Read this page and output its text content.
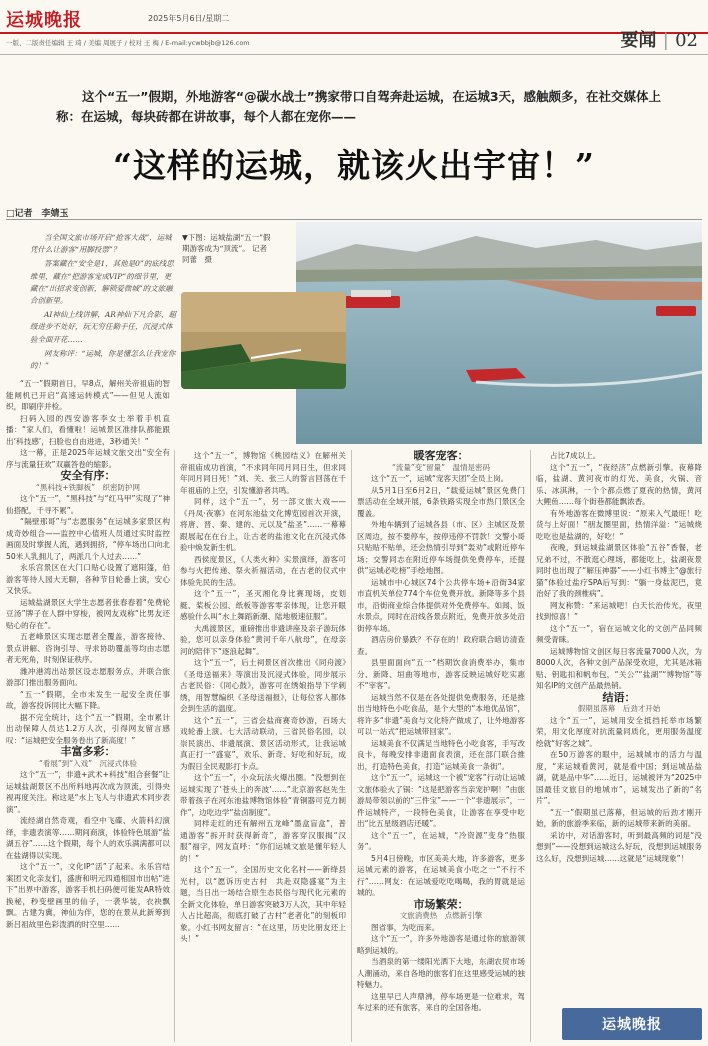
运城晚报	2025年5月6日/星期二
一版、二版责任编辑 王 琦 / 美编 周展子 / 校对 王 梅 / E-mail:ycwbbjb@126.com	要闻 | 02
这个“五一”假期，外地游客“@碳水战士”携家带口自驾奔赴运城，在运城3天，感触颇多，在社交媒体上称：在运城，每块砖都在讲故事，每个人都在宠你——
“这样的运城，就该火出宇宙！”
□记者　李婧玉

当全国文旅市场开启“抢客大战”，运城凭什么让游客“用脚投票”？

答案藏在“安全是1，其他是0”的底线思维里，藏在“把游客宠成VIP”的细节里，更藏在“出招求变创新，解锁爱微城”的文旅融合创新里。

AI神仙上线讲解，AR神仙下凡合影，超级进步不处好，玩无穷任勤手任，沉浸式体验全面开花……

网友称评：“运城，你是懂怎么让我宠你的！”

▼下图：运城盐湖“五一”假期游客成为“顶流”。 记者　同蕾　摄

“五一”假期首日，早8点，解州关帝祖庙的智能闸机已开启“高速运转模式”——但见人流如织，即刷序并检。

扫码入园的西安游客李女士举着手机直播：“家人们，看懂啦！运城景区准排队都能跟出‘科技感’，扫脸也自由进进，3秒通关！”

这一幕，正是2025年运城文旅交出“安全有序与流量狂欢”双赢答卷的缩影。

安全有序：

“黑科技+铁脚板”　织密防护网

这个“五一”，“黑科技”与“红马甲”实现了“神仙搭配，千寻不累”。

“隔壁那哥”与“志愿服务”在运城多家景区构成奇妙组合——监控中心值班人员通过实时监控画面及时掌握人流，遇到拥挤，“停车场出口向北50米人乳拥儿了，两派几个人过去……”

永乐宫景区在大门口贴心设置了遮阳篷，伯游客等待人园大无聊，各种节目轮番上演，安心又快乐。

运城盐湖景区大学生志愿者张春春着“免费轮豆汤”牌子在人群中穿梭，被网友戏称“比男友还贴心的存在”。

五老峰景区实现志愿者全覆盖，游客接待、景点讲解、咨询引导、寻求协助覆盖等均由志愿者无死角，时刻保证秩序。

潍冲港湾出站景区设志愿服务点，并联合旅游部门推出服务面向。

“五一”假期，全市未发生一起安全责任事故，游客投诉同比大幅下降。

据不完全统计，这个“五一”假期，全市累计出动保障人员达1.2万人次，引得网友留言感叹：“运城把安全服务卷出了新高度！”

丰富多彩：

“看展”到“入戏”　沉浸式体验

这个“五一”，非遗+武术+科技“组合套餐”让运城盐湖景区不出所料地再次成为顶流，引得央视再度关注。称这是“水上飞人与非遗武术同步表演”。

流经湖自然奇观，看空中飞碟、火箭科幻演绎，非遗表演等……期间商演，体验特色展游“盐湖五谷”……这个假期，每个人的欢乐满满都可以在盐湖得以实现。

这个“五一”，文化IP“活”了起来。永乐宫结案团文化亲友们，盛唐和明元四通相国市出帖“进下”出界中游客，游客手机扫码便可能发AR特效换秘，秒变壁画里的仙子，一袭华装，衣袂飘飘。古建为冀，神仙为伴，您的在景从此新筹到新吕祖故里色彩泼洒的时空里……

这个“五一”，博物馆《桃园结义》在解州关帝祖庙成功首演，“不求同年同月同日生，但求同年同月同日死！”刘、关、张三人的誓言回荡在千年祖庙的上空，引发懂游者共鸣。

同样，这个“五一”，另一部文旅大戏——《丹凤·夜寨》在河东池盐文化博览园首次开演，将唐、晋、秦、建的、元以及“盐圣”……一幕幕跟展起在在台上，让古老的盐池文化在沉浸式体验中焕发新生机。

西侯度景区，《人类火种》实景演绎，游客可参与火把传递、祭火祈福活动，在古老的仪式中体验先民的生活。

这个“五一”，圣灭湘化身比赛现场，皮划艇、桨板公园、纸板等游客零亲体现，让您开眼感验什么叫“水上舞蹈新潮、陆地极速征服”。

大禹渡景区，重磅推出非遗讲座及亲子游玩体验，您可以亲身体验“黄河千年八航母”，在母亲河的陪伴下“逐浪起舞”。

这个“五一”，后土祠景区首次推出《同舟渡》《圣母送福来》等演出及沉浸式体验，同步展示古老民俗：《同心鼓》，游客可在绣娘指导下学刺绣，用智慧编织《圣母送福报》，让每位客人都体会到生活的温度。

这个“五一”，三省会盐商赛奇妙游，百场大戏轮番上演。七大活动联动，三省民俗名园，以崇民演出、非遗展演、景区活动形式，让我运城真正打一“盛宴”，欢乐、新奇、好吃和好玩，成为假日全民观影打卡点。

这个“五一”，小众玩法火爆出圈。“没想到在运城实现了‘苍头上的奔波’……”北京游客赵先生带着孩子在河东池盐博物馆体验“青铜器可克力制作”，边吃边学“盐卤制度”。

同样走红的还有解州五龙峰“墨盒盲盒”，普通游客“拆开时获得新奇”，游客穿汉服揭“汉服”福字，网友直呼：“你们运城文旅是懂年轻人的！”

这个“五一”，全国历史文化名村——新绛县光村，以“愿诉历史古村　共赴双隐盛宴”为主题，当日出一场结合原生态民俗与现代化元素的全新文化体验，单日游客突破3万人次，其中年轻人占比超高，彻底打破了古村“老者化”的刻板印象。小红书网友留言：“在这里，历史比朋友还上头！”

暖客宠客：

“流量”变“留量”　温情是密码

这个“五一”，运城“宠客天团”全员上岗。

从5月1日至6月2日，“载爱运城”景区免费门票活动在全域开展，6条铁路实现全市热门景区全覆盖。

外地车辆到了运城各县（市、区）主城区及景区周边，按不要停车，按停违停不罚款！交警小哥只贴贴不贴单，还会热情引导到“轰劝”或附近停车场；交警同志在附近停车场提供免费停车，还提供“运城必吃榜”手绘地图。

运城市中心城区74个公共停车场+沿街34家市直机关单位774个车位免费开放。新降等多个县市，沿街商业综合体提供对外免费停车。如闻、饭水景点，同时在沿线各景点附近，免费开放多处沿街停车场。

酒店房价暴跌？不存在的！政府联合暗访清查查。

县里面面向“五一”档期饮食消费举办，集市分、新降、垣曲等地市，游客反映运城好吃实惠不“宰客”。

运城当然不仅是在各处提供免费服务，还是推出当地特色小吃食品，是个大型的“本地优品馆”，将许多“非遗”美食与文化特产做成了，让外地游客可以一站式“把运城带回家”。

运城美食不仅满足当地特色小吃食客，手写改良卡，每晚安排非遗面食表演，还在部门联合推出，打造特色美食，打造“运城美食一条街”。

这个“五一”，运城这一个被“宠客”行动让运城文旅体验火了锅：“这是把游客当亲宠护啊！”由旅游局带领以前的“三件宝”——一个“非遗展示”，一件运城特产，一段特色美食，让游客在享受中吃出“比五星级酒店还暖”。

这个“五一”，在运城，“冷资源”变身“热服务”。

5月4日傍晚，市区美美大地，许多游客，更多运城元素的游客，在运城美食小吃之一“不行不行”……网友：在运城爱吃吃喝喝，我的胃就是运城的。

市场繁荣：

文旅消费热　点燃新引擎

图省事，为吃而来。

这个“五一”，许多外地游客是通过你的旅游领略到运城的。

当酒泉的第一缕阳光洒下大地，东湖农贸市场人潮涌动，来自各地的旅客们在这里感受运城的独特魅力。

这里早已人声鼎沸，停车场更是一位难求，驾车过来的还有旅客，来自的全国各地。

占比7成以上。

这个“五一”，“夜经济”点燃新引擎。夜幕降临，盐湖、黄河夜市的灯光、美食，火锅、音乐、冰淇淋，一个个都点燃了夏夜的热情，黄河大鲤鱼……每个街巷都能飘浓香。

有外地游客在微博里说：“原来入气最旺！吃货与上好面！”朋友圈里面，热情洋溢：“运城烧吃吃也是盐湖的，好吃！”

夜晚，到运城盐湖景区体验“五谷”香餐，老兄弟不过，不散逛心理场，都能吃上，盐湖夜景同时也出现了“解压神器”——小红书博主“@旅行猫”体验过盐疗SPA后写到：“躺一身盐泥巴，竟治好了我的颈椎病”。

网友称赞：“来运城吧！白天长治传光，夜里找到惊喜！”

这个“五一”，宿在运城文化的文创产品同频频受青睐。

运城博物馆文创区每日客流量7000人次，为8000人次，各种文创产品深受欢迎，尤其是冰箱贴、钥匙扣和帆布包，“关公”“盐湖”“博物馆”等知名IP的文创产品最热销。

结语：

假期虽落幕　后劲才开始

这个“五一”，运城用安全抵挡托举市场繁荣，用文化厚度对抗流量同质化，更用服务温度绘就“好客之城”。

在50万游客的眼中，运城城市的活力与温度，“来运城看黄河，就是看中国；到运城品盐湖，就是品中华”……近日，运城被评为“2025中国最佳文旅目的地城市”，运城发出了新的“名片”。

“五一”假期虽已落幕，但运城的后劲才刚开始，新的旅游季来临，新的运城带来新的美丽。

采访中，对话游客时，听到最高频的词是“没想到”——没想到运城这么好玩，没想到运城服务这么好，没想到运城……这就是“运城现象”！

运城晚报
